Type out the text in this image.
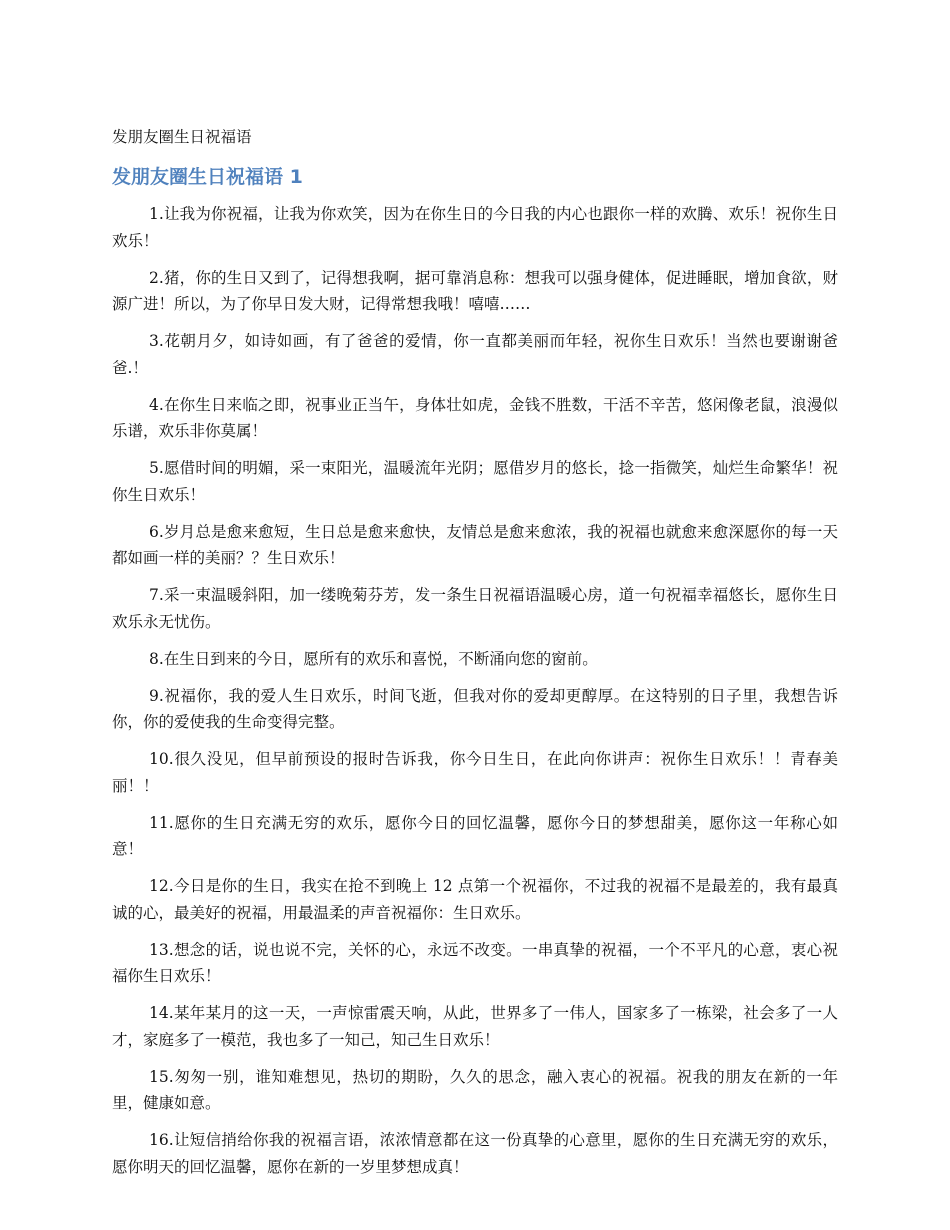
发朋友圈生日祝福语

发朋友圈生日祝福语 1

1.让我为你祝福，让我为你欢笑，因为在你生日的今日我的内心也跟你一样的欢腾、欢乐！祝你生日欢乐！

2.猪，你的生日又到了，记得想我啊，据可靠消息称：想我可以强身健体，促进睡眠，增加食欲，财源广进！所以，为了你早日发大财，记得常想我哦！嘻嘻……

3.花朝月夕，如诗如画，有了爸爸的爱情，你一直都美丽而年轻，祝你生日欢乐！当然也要谢谢爸爸.！

4.在你生日来临之即，祝事业正当午，身体壮如虎，金钱不胜数，干活不辛苦，悠闲像老鼠，浪漫似乐谱，欢乐非你莫属！

5.愿借时间的明媚，采一束阳光，温暖流年光阴；愿借岁月的悠长，捻一指微笑，灿烂生命繁华！祝你生日欢乐！

6.岁月总是愈来愈短，生日总是愈来愈快，友情总是愈来愈浓，我的祝福也就愈来愈深愿你的每一天都如画一样的美丽？？生日欢乐！

7.采一束温暖斜阳，加一缕晚菊芬芳，发一条生日祝福语温暖心房，道一句祝福幸福悠长，愿你生日欢乐永无忧伤。

8.在生日到来的今日，愿所有的欢乐和喜悦，不断涌向您的窗前。

9.祝福你，我的爱人生日欢乐，时间飞逝，但我对你的爱却更醇厚。在这特别的日子里，我想告诉你，你的爱使我的生命变得完整。

10.很久没见，但早前预设的报时告诉我，你今日生日，在此向你讲声：祝你生日欢乐！！青春美丽！！

11.愿你的生日充满无穷的欢乐，愿你今日的回忆温馨，愿你今日的梦想甜美，愿你这一年称心如意！

12.今日是你的生日，我实在抢不到晚上 12 点第一个祝福你，不过我的祝福不是最差的，我有最真诚的心，最美好的祝福，用最温柔的声音祝福你：生日欢乐。

13.想念的话，说也说不完，关怀的心，永远不改变。一串真挚的祝福，一个不平凡的心意，衷心祝福你生日欢乐！

14.某年某月的这一天，一声惊雷震天响，从此，世界多了一伟人，国家多了一栋梁，社会多了一人才，家庭多了一模范，我也多了一知己，知己生日欢乐！

15.匆匆一别，谁知难想见，热切的期盼，久久的思念，融入衷心的祝福。祝我的朋友在新的一年里，健康如意。

16.让短信捎给你我的祝福言语，浓浓情意都在这一份真挚的心意里，愿你的生日充满无穷的欢乐，愿你明天的回忆温馨，愿你在新的一岁里梦想成真！
